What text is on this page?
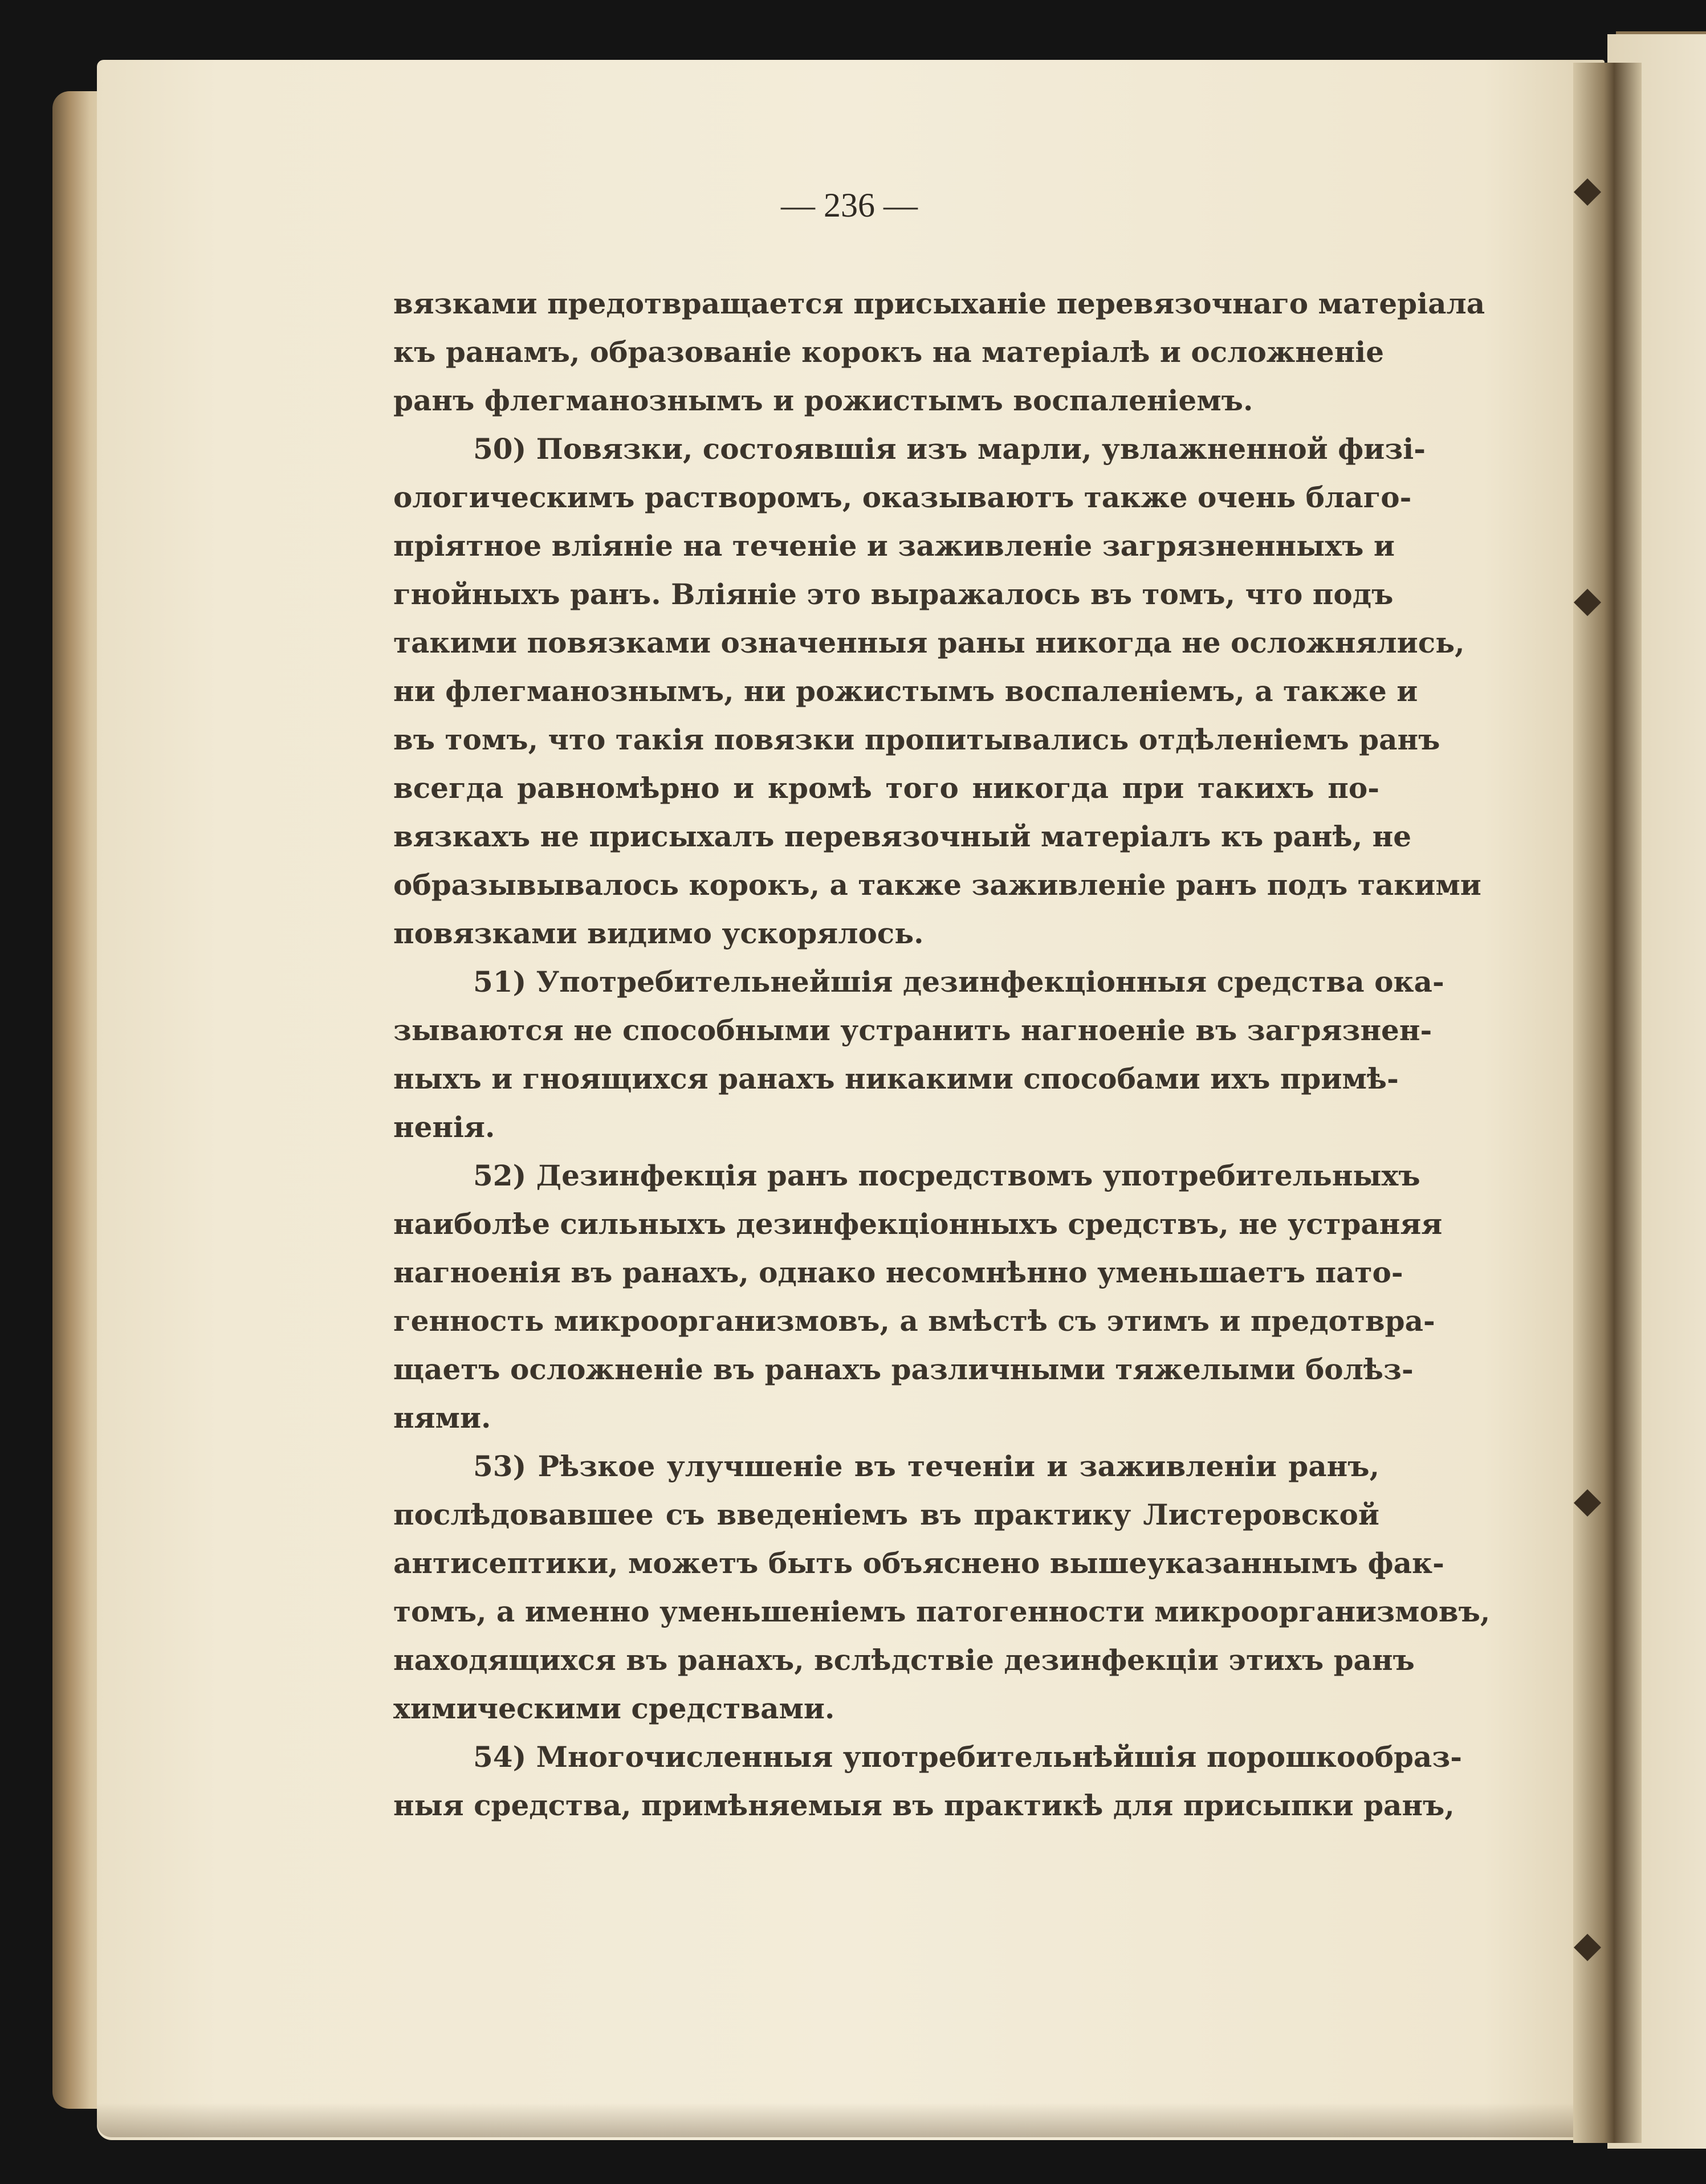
— 236 —
вязками предотвращается присыханіе перевязочнаго матеріала
къ ранамъ, образованіе корокъ на матеріалѣ и осложненіе
ранъ флегманознымъ и рожистымъ воспаленіемъ.
50) Повязки, состоявшія изъ марли, увлажненной физі-
ологическимъ растворомъ, оказываютъ также очень благо-
пріятное вліяніе на теченіе и заживленіе загрязненныхъ и
гнойныхъ ранъ. Вліяніе это выражалось въ томъ, что подъ
такими повязками означенныя раны никогда не осложнялись,
ни флегманознымъ, ни рожистымъ воспаленіемъ, а также и
въ томъ, что такія повязки пропитывались отдѣленіемъ ранъ
всегда равномѣрно и кромѣ того никогда при такихъ по-
вязкахъ не присыхалъ перевязочный матеріалъ къ ранѣ, не
образывывалось корокъ, а также заживленіе ранъ подъ такими
повязками видимо ускорялось.
51) Употребительнейшія дезинфекціонныя средства ока-
зываются не способными устранить нагноеніе въ загрязнен-
ныхъ и гноящихся ранахъ никакими способами ихъ примѣ-
ненія.
52) Дезинфекція ранъ посредствомъ употребительныхъ
наиболѣе сильныхъ дезинфекціонныхъ средствъ, не устраняя
нагноенія въ ранахъ, однако несомнѣнно уменьшаетъ пато-
генность микроорганизмовъ, а вмѣстѣ съ этимъ и предотвра-
щаетъ осложненіе въ ранахъ различными тяжелыми болѣз-
нями.
53) Рѣзкое улучшеніе въ теченіи и заживленіи ранъ,
послѣдовавшее съ введеніемъ въ практику Листеровской
антисептики, можетъ быть объяснено вышеуказаннымъ фак-
томъ, а именно уменьшеніемъ патогенности микроорганизмовъ,
находящихся въ ранахъ, вслѣдствіе дезинфекціи этихъ ранъ
химическими средствами.
54) Многочисленныя употребительнѣйшія порошкообраз-
ныя средства, примѣняемыя въ практикѣ для присыпки ранъ,
